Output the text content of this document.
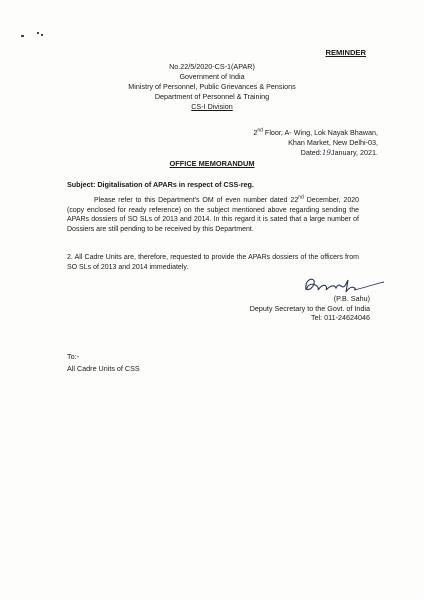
REMINDER
No.22/5/2020-CS-1(APAR)
Government of India
Ministry of Personnel, Public Grievances & Pensions
Department of Personnel & Training
CS-I Division
2nd Floor, A- Wing, Lok Nayak Bhawan,
Khan Market, New Delhi-03,
Dated:19January, 2021.
OFFICE MEMORANDUM
Subject: Digitalisation of APARs in respect of CSS-reg.
Please refer to this Department's OM of even number dated 22nd December, 2020 (copy enclosed for ready reference) on the subject mentioned above regarding sending the APARs dossiers of SO SLs of 2013 and 2014. In this regard it is sated that a large number of Dossiers are still pending to be received by this Department.
2. All Cadre Units are, therefore, requested to provide the APARs dossiers of the officers from SO SLs of 2013 and 2014 immediately.
(P.B. Sahu)
Deputy Secretary to the Govt. of India
Tel: 011-24624046
To:-
All Cadre Units of CSS
